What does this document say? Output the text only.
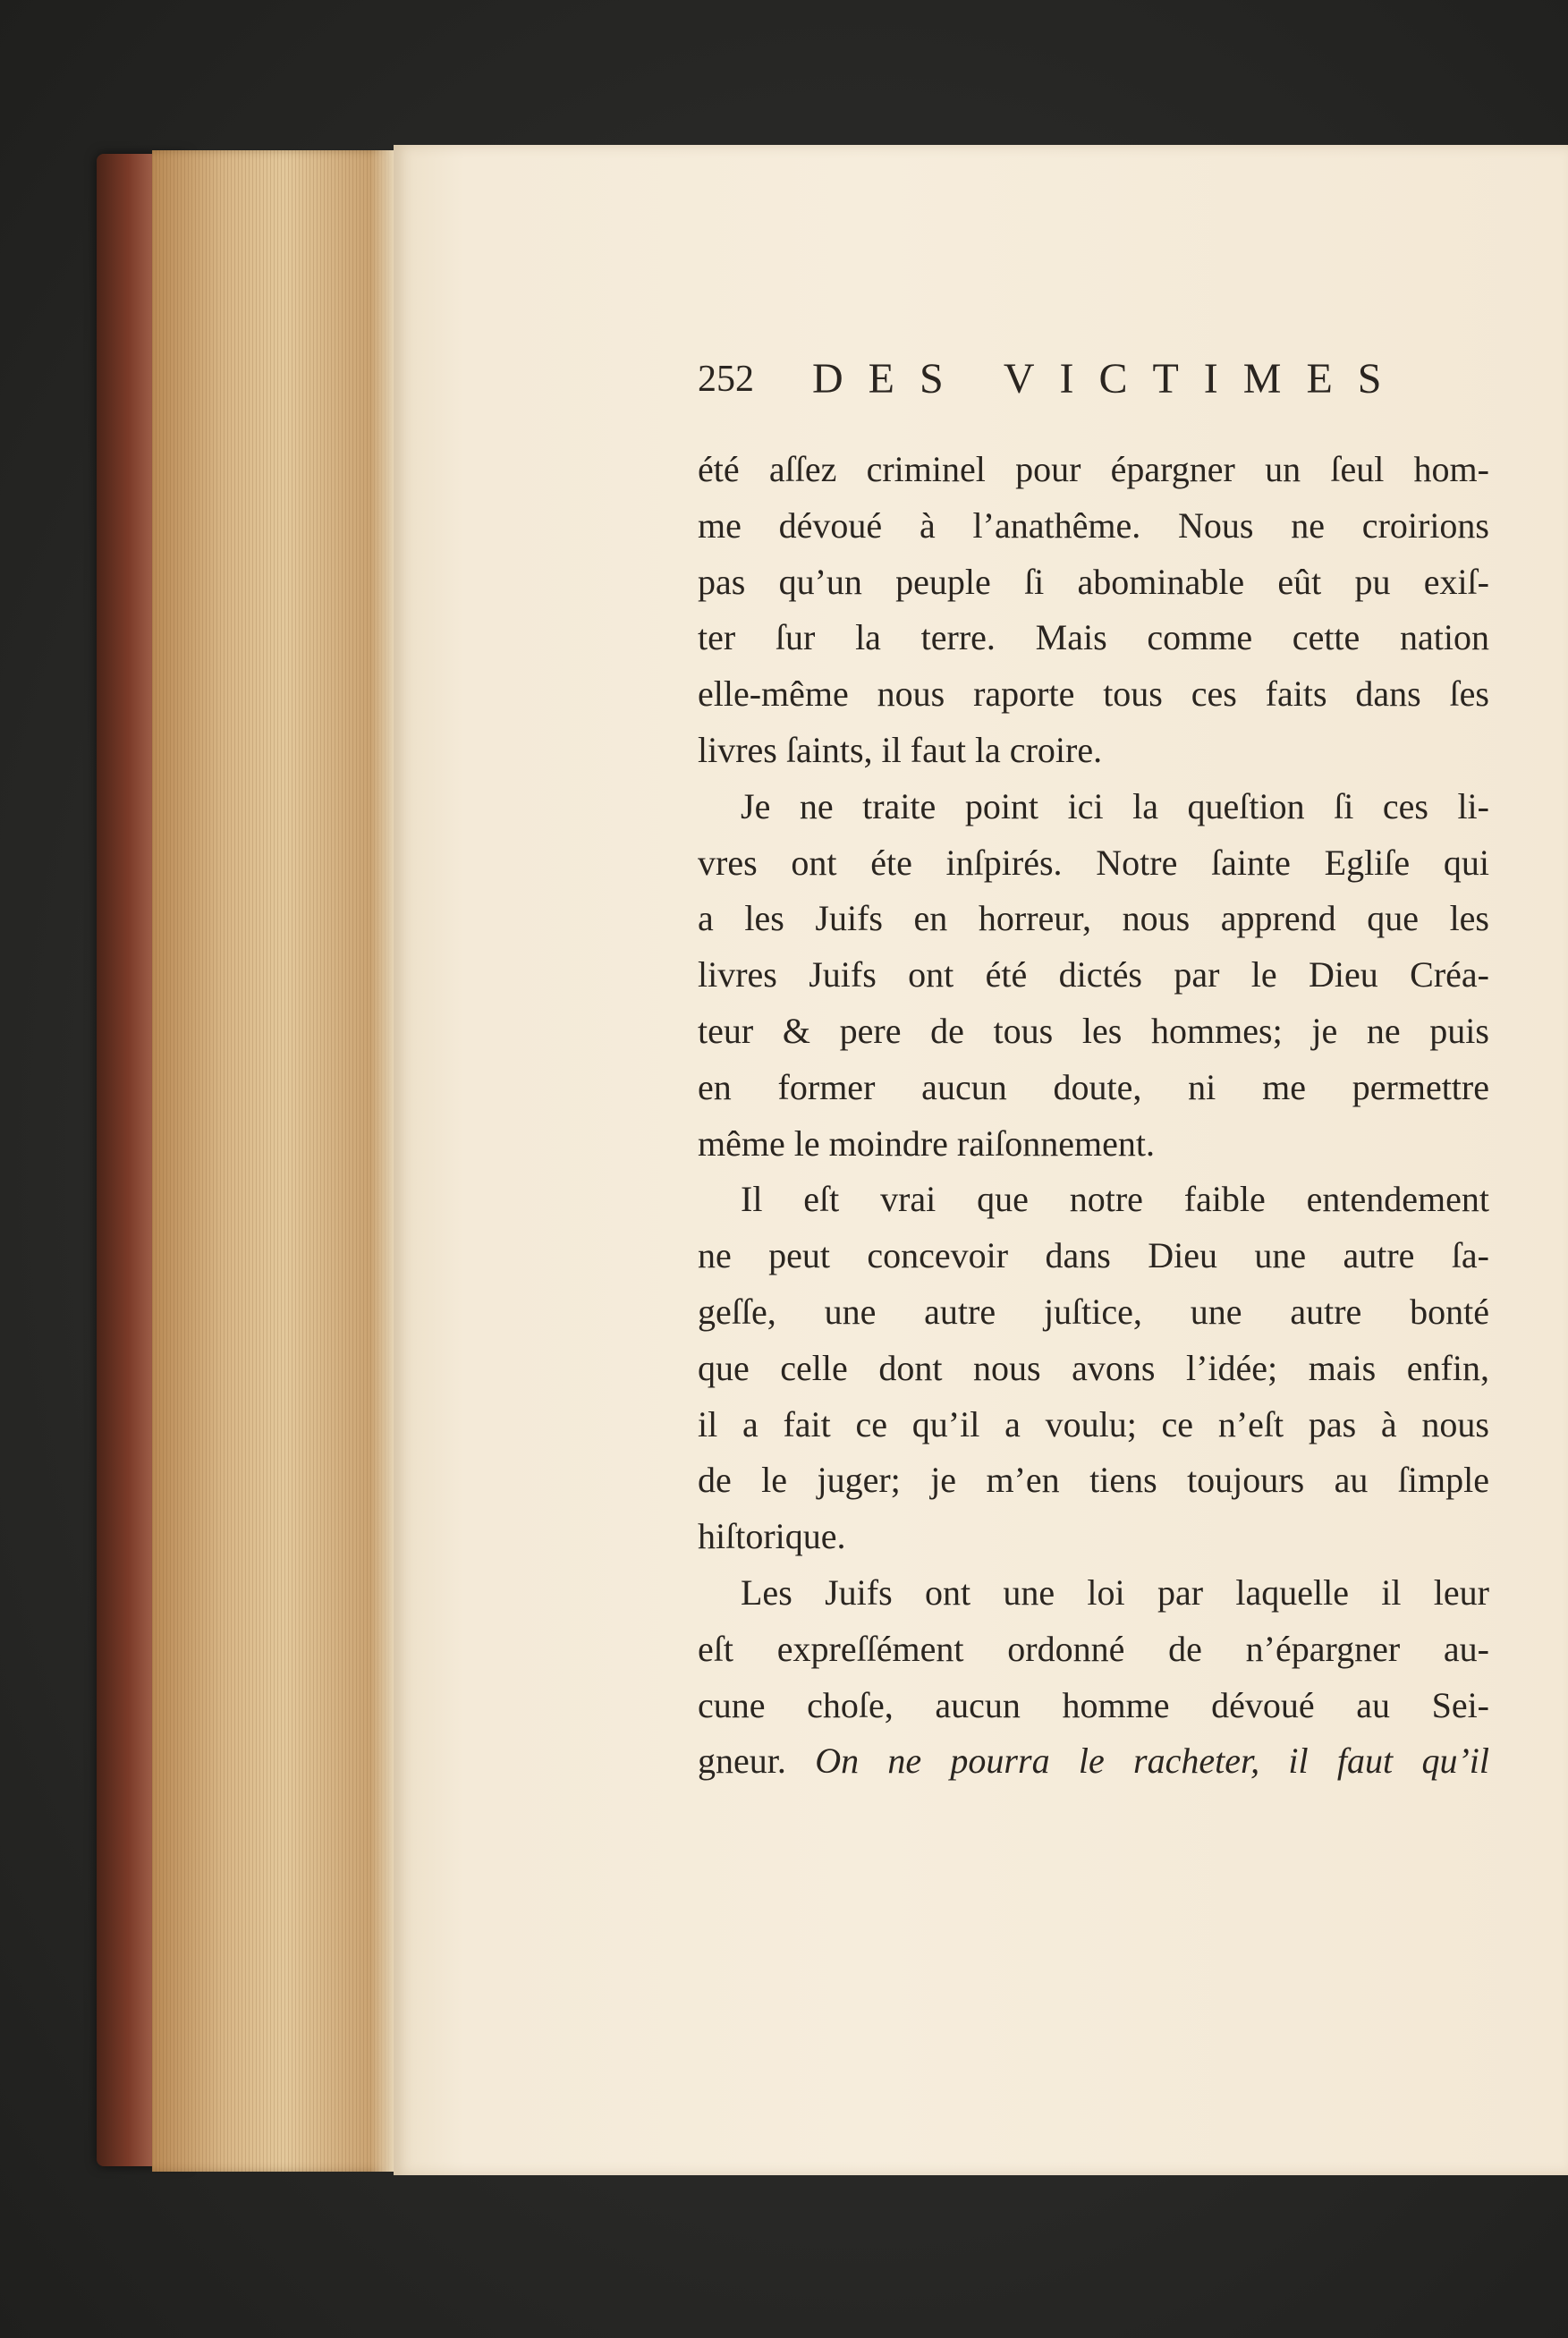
252 DES VICTIMES
été aſſez criminel pour épargner un ſeul hom-
me dévoué à l’anathême. Nous ne croirions
pas qu’un peuple ſi abominable eût pu exiſ-
ter ſur la terre. Mais comme cette nation
elle-même nous raporte tous ces faits dans ſes
livres ſaints, il faut la croire.
Je ne traite point ici la queſtion ſi ces li-
vres ont éte inſpirés. Notre ſainte Egliſe qui
a les Juifs en horreur, nous apprend que les
livres Juifs ont été dictés par le Dieu Créa-
teur & pere de tous les hommes; je ne puis
en former aucun doute, ni me permettre
même le moindre raiſonnement.
Il eſt vrai que notre faible entendement
ne peut concevoir dans Dieu une autre ſa-
geſſe, une autre juſtice, une autre bonté
que celle dont nous avons l’idée; mais enfin,
il a fait ce qu’il a voulu; ce n’eſt pas à nous
de le juger; je m’en tiens toujours au ſimple
hiſtorique.
Les Juifs ont une loi par laquelle il leur
eſt expreſſément ordonné de n’épargner au-
cune choſe, aucun homme dévoué au Sei-
gneur. On ne pourra le racheter, il faut qu’il
